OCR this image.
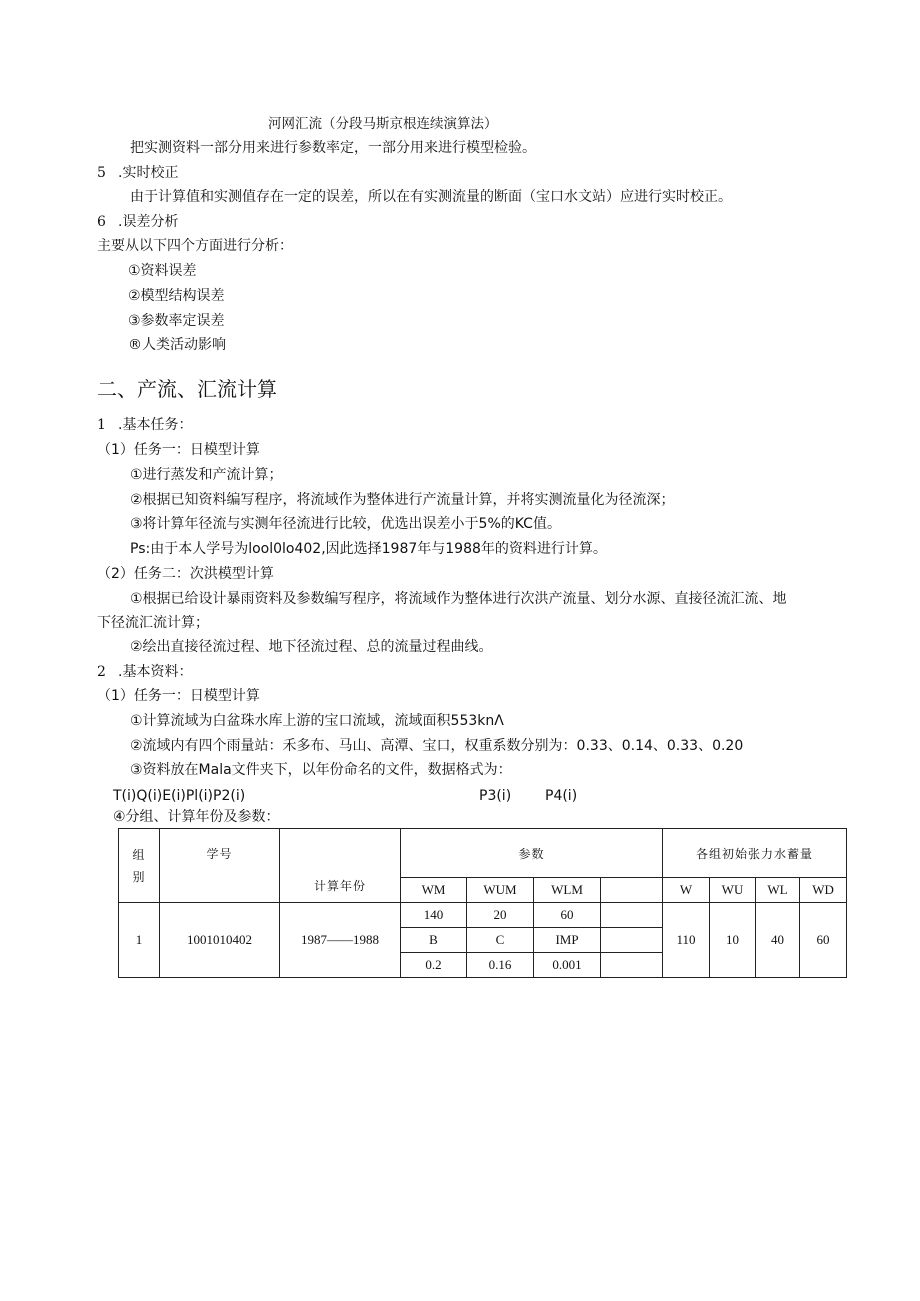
河网汇流（分段马斯京根连续演算法）
把实测资料一部分用来进行参数率定，一部分用来进行模型检验。
5 .实时校正
由于计算值和实测值存在一定的误差，所以在有实测流量的断面（宝口水文站）应进行实时校正。
6 .误差分析
主要从以下四个方面进行分析：
①资料误差
②模型结构误差
③参数率定误差
®人类活动影响
二、产流、汇流计算
1 .基本任务：
（1）任务一：日模型计算
①进行蒸发和产流计算；
②根据已知资料编写程序，将流域作为整体进行产流量计算，并将实测流量化为径流深；
③将计算年径流与实测年径流进行比较，优选出误差小于5%的KC值。
Ps:由于本人学号为lool0lo402,因此选择1987年与1988年的资料进行计算。
（2）任务二：次洪模型计算
①根据已给设计暴雨资料及参数编写程序，将流域作为整体进行次洪产流量、划分水源、直接径流汇流、地
下径流汇流计算；
②绘出直接径流过程、地下径流过程、总的流量过程曲线。
2 .基本资料：
（1）任务一：日模型计算
①计算流域为白盆珠水库上游的宝口流域，流域面积553knΛ
②流域内有四个雨量站：禾多布、马山、高潭、宝口，权重系数分别为：0.33、0.14、0.33、0.20
③资料放在Mala文件夹下，以年份命名的文件，数据格式为：
T(i)Q(i)E(i)Pl(i)P2(i)	P3(i) P4(i)
④分组、计算年份及参数：
组
别	学号	计算年份	参数				各组初始张力水蓄量			
			WM	WUM	WLM		W	WU	WL	WD
1	1001010402	1987——1988	140	20	60		110	10	40	60
			B	C	IMP					
			0.2	0.16	0.001					
